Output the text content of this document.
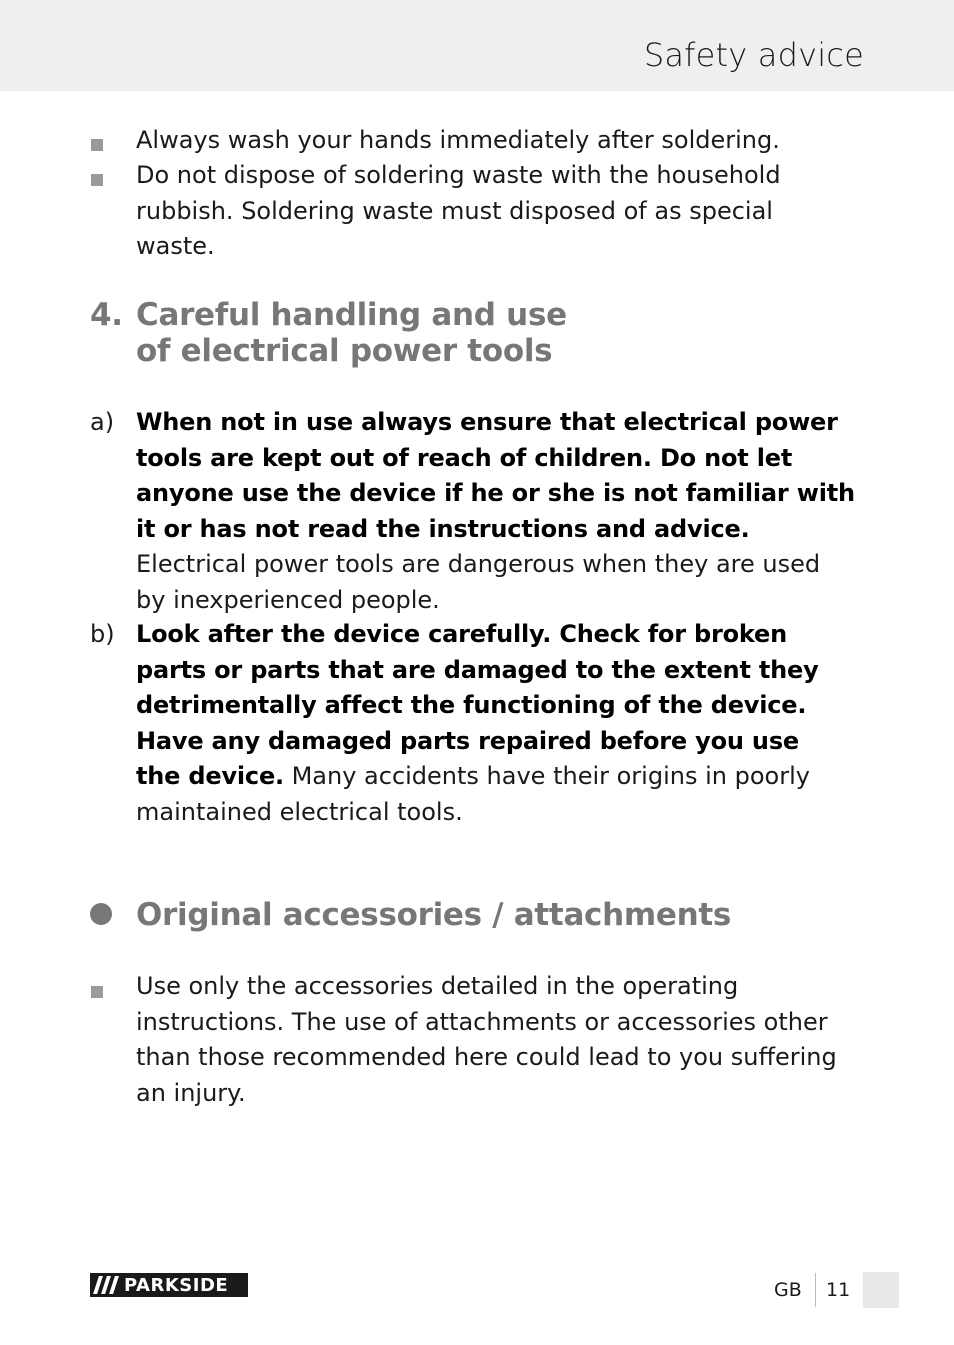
Safety advice
Always wash your hands immediately after soldering.
Do not dispose of soldering waste with the household rubbish. Soldering waste must disposed of as special waste.
4. Careful handling and use
of electrical power tools
a) When not in use always ensure that electrical power tools are kept out of reach of children. Do not let anyone use the device if he or she is not familiar with it or has not read the instructions and advice. Electrical power tools are dangerous when they are used by inexperienced people.
b) Look after the device carefully. Check for broken parts or parts that are damaged to the extent they detrimentally affect the functioning of the device. Have any damaged parts repaired before you use the device. Many accidents have their origins in poorly maintained electrical tools.
Original accessories / attachments
Use only the accessories detailed in the operating instructions. The use of attachments or accessories other than those recommended here could lead to you suffering an injury.
PARKSIDE	GB 11
